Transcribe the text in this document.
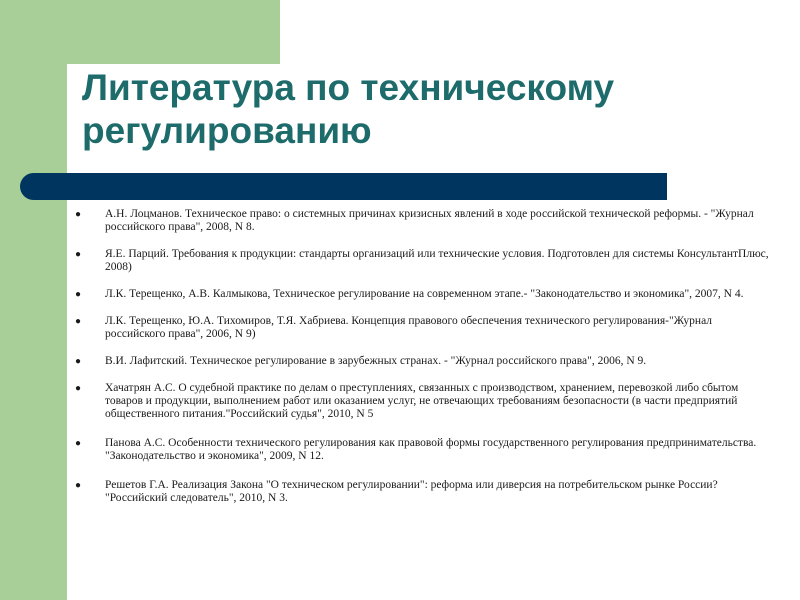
Литература по техническому
регулированию
● А.Н. Лоцманов. Техническое право: о системных причинах кризисных явлений в ходе российской технической реформы. - "Журнал российского права", 2008, N 8.
● Я.Е. Парций. Требования к продукции: стандарты организаций или технические условия. Подготовлен для системы КонсультантПлюс, 2008)
● Л.К. Терещенко, А.В. Калмыкова, Техническое регулирование на современном этапе.- "Законодательство и экономика", 2007, N 4.
● Л.К. Терещенко, Ю.А. Тихомиров, Т.Я. Хабриева. Концепция правового обеспечения технического регулирования-"Журнал российского права", 2006, N 9)
● В.И. Лафитский. Техническое регулирование в зарубежных странах. - "Журнал российского права", 2006, N 9.
● Хачатрян А.С. О судебной практике по делам о преступлениях, связанных с производством, хранением, перевозкой либо сбытом товаров и продукции, выполнением работ или оказанием услуг, не отвечающих требованиям безопасности (в части предприятий общественного питания."Российский судья", 2010, N 5
● Панова А.С. Особенности технического регулирования как правовой формы государственного регулирования предпринимательства. "Законодательство и экономика", 2009, N 12.
● Решетов Г.А. Реализация Закона "О техническом регулировании": реформа или диверсия на потребительском рынке России? "Российский следователь", 2010, N 3.
